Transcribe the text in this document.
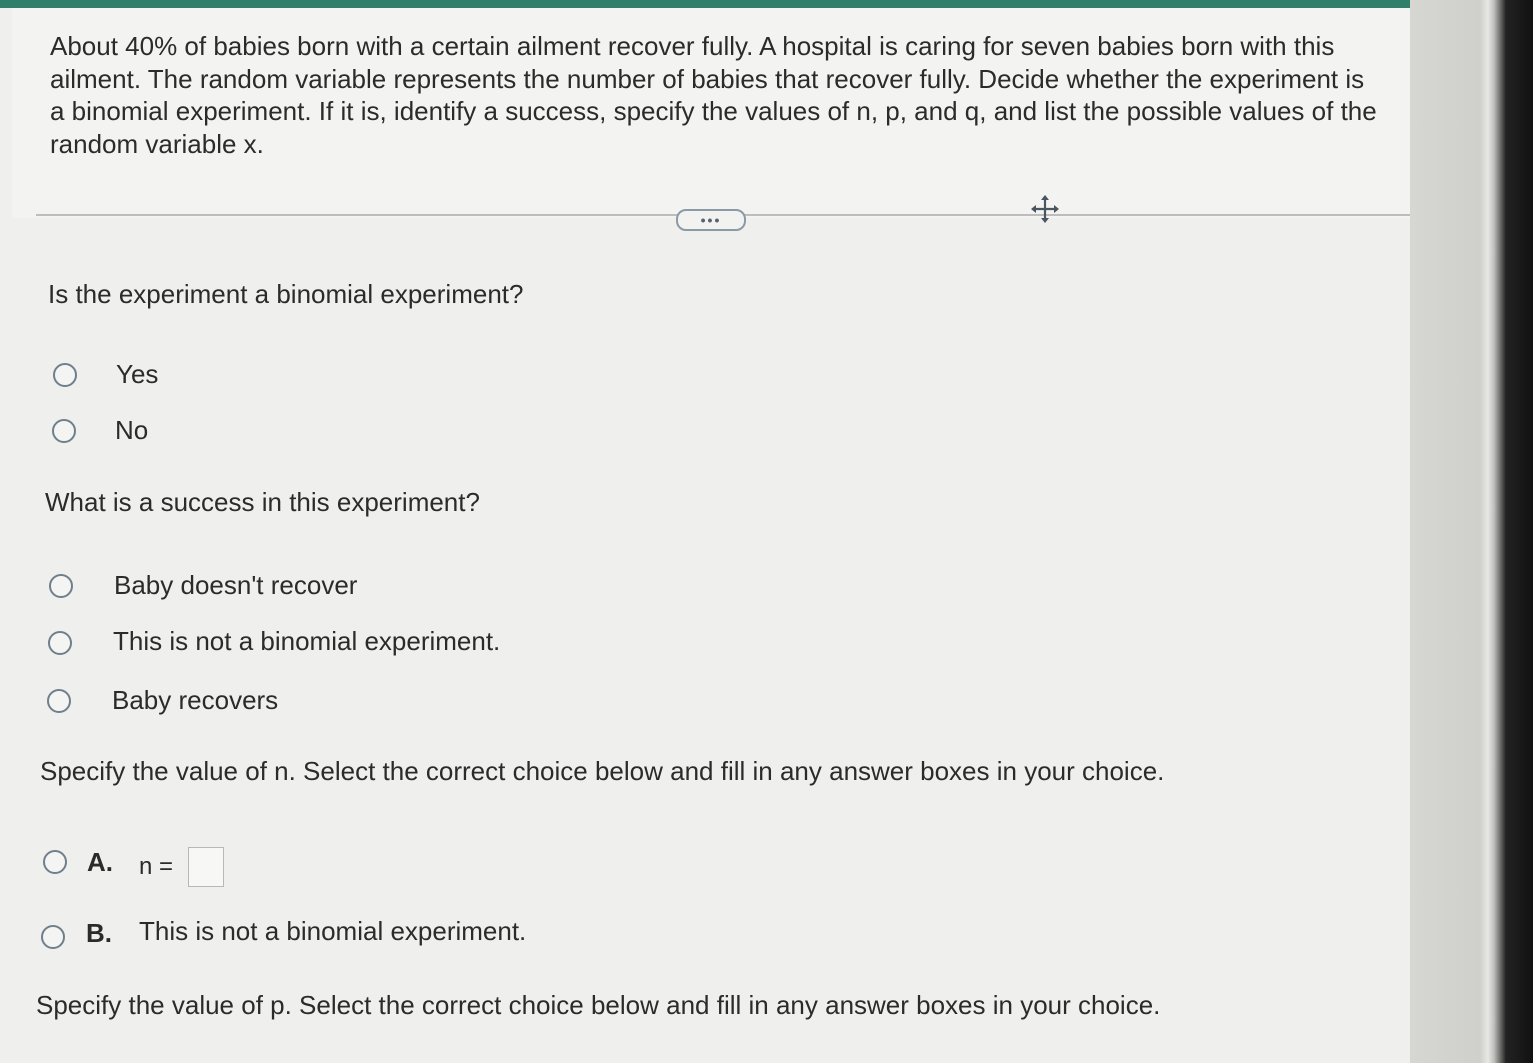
About 40% of babies born with a certain ailment recover fully. A hospital is caring for seven babies born with this ailment. The random variable represents the number of babies that recover fully. Decide whether the experiment is a binomial experiment. If it is, identify a success, specify the values of n, p, and q, and list the possible values of the random variable x.
•••
Is the experiment a binomial experiment?
Yes
No
What is a success in this experiment?
Baby doesn't recover
This is not a binomial experiment.
Baby recovers
Specify the value of n. Select the correct choice below and fill in any answer boxes in your choice.
A. n =
B. This is not a binomial experiment.
Specify the value of p. Select the correct choice below and fill in any answer boxes in your choice.
